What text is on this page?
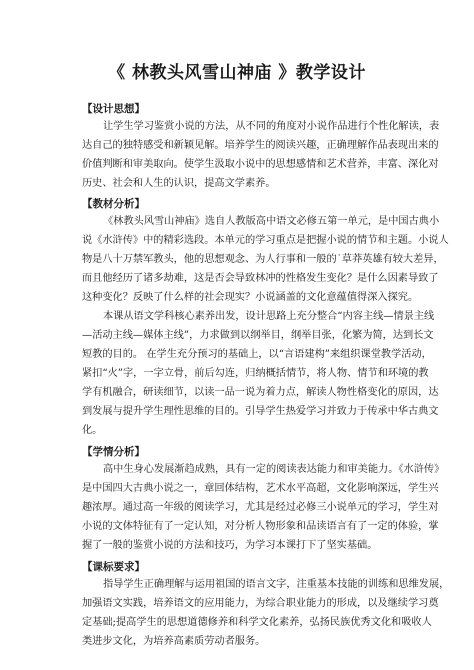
《 林教头风雪山神庙 》教学设计
【设计思想】
让学生学习鉴赏小说的方法，从不同的角度对小说作品进行个性化解读，表
达自己的独特感受和新颖见解。培养学生的阅读兴趣，正确理解作品表现出来的
价值判断和审美取向。使学生汲取小说中的思想感情和艺术营养，丰富、深化对
历史、社会和人生的认识，提高文学素养。
【教材分析】
《林教头风雪山神庙》选自人教版高中语文必修五第一单元，是中国古典小
说《水浒传》中的精彩选段。本单元的学习重点是把握小说的情节和主题。小说人
物是八十万禁军教头，他的思想观念、为人行事和一般的˙草莽英雄有较大差异，
而且他经历了诸多劫难，这是否会导致林冲的性格发生变化？是什么因素导致了
这种变化？反映了什么样的社会现实？小说涵盖的文化意蕴值得深入探究。
本课从语文学科核心素养出发，设计思路上充分整合“内容主线—情景主线
—活动主线—媒体主线”，力求做到以纲举目，纲举目张，化繁为简，达到长文
短教的目的。 在学生充分预习的基础上，以“言语建构”来组织课堂教学活动，
紧扣“火”字，一字立骨，前后勾连，归纳概括情节，将人物、情节和环境的教
学有机融合，研读细节，以读一品一说为着力点，解读人物性格变化的原因，达
到发展与提升学生理性思维的目的。引导学生热爱学习并致力于传承中华古典文
化。
【学情分析】
高中生身心发展渐趋成熟，具有一定的阅读表达能力和审美能力。《水浒传》
是中国四大古典小说之一，章回体结构，艺术水平高超，文化影响深远，学生兴
趣浓厚。通过高一年级的阅读学习，尤其是经过必修三小说单元的学习，学生对
小说的文体特征有了一定认知，对分析人物形象和品读语言有了一定的体验，掌
握了一般的鉴赏小说的方法和技巧，为学习本课打下了坚实基础。
【课标要求】
指导学生正确理解与运用祖国的语言文字，注重基本技能的训练和思维发展，
加强语文实践，培养语文的应用能力，为综合职业能力的形成，以及继续学习奠
定基础;提高学生的思想道德修养和科学文化素养，弘扬民族优秀文化和吸收人
类进步文化，为培养高素质劳动者服务。
